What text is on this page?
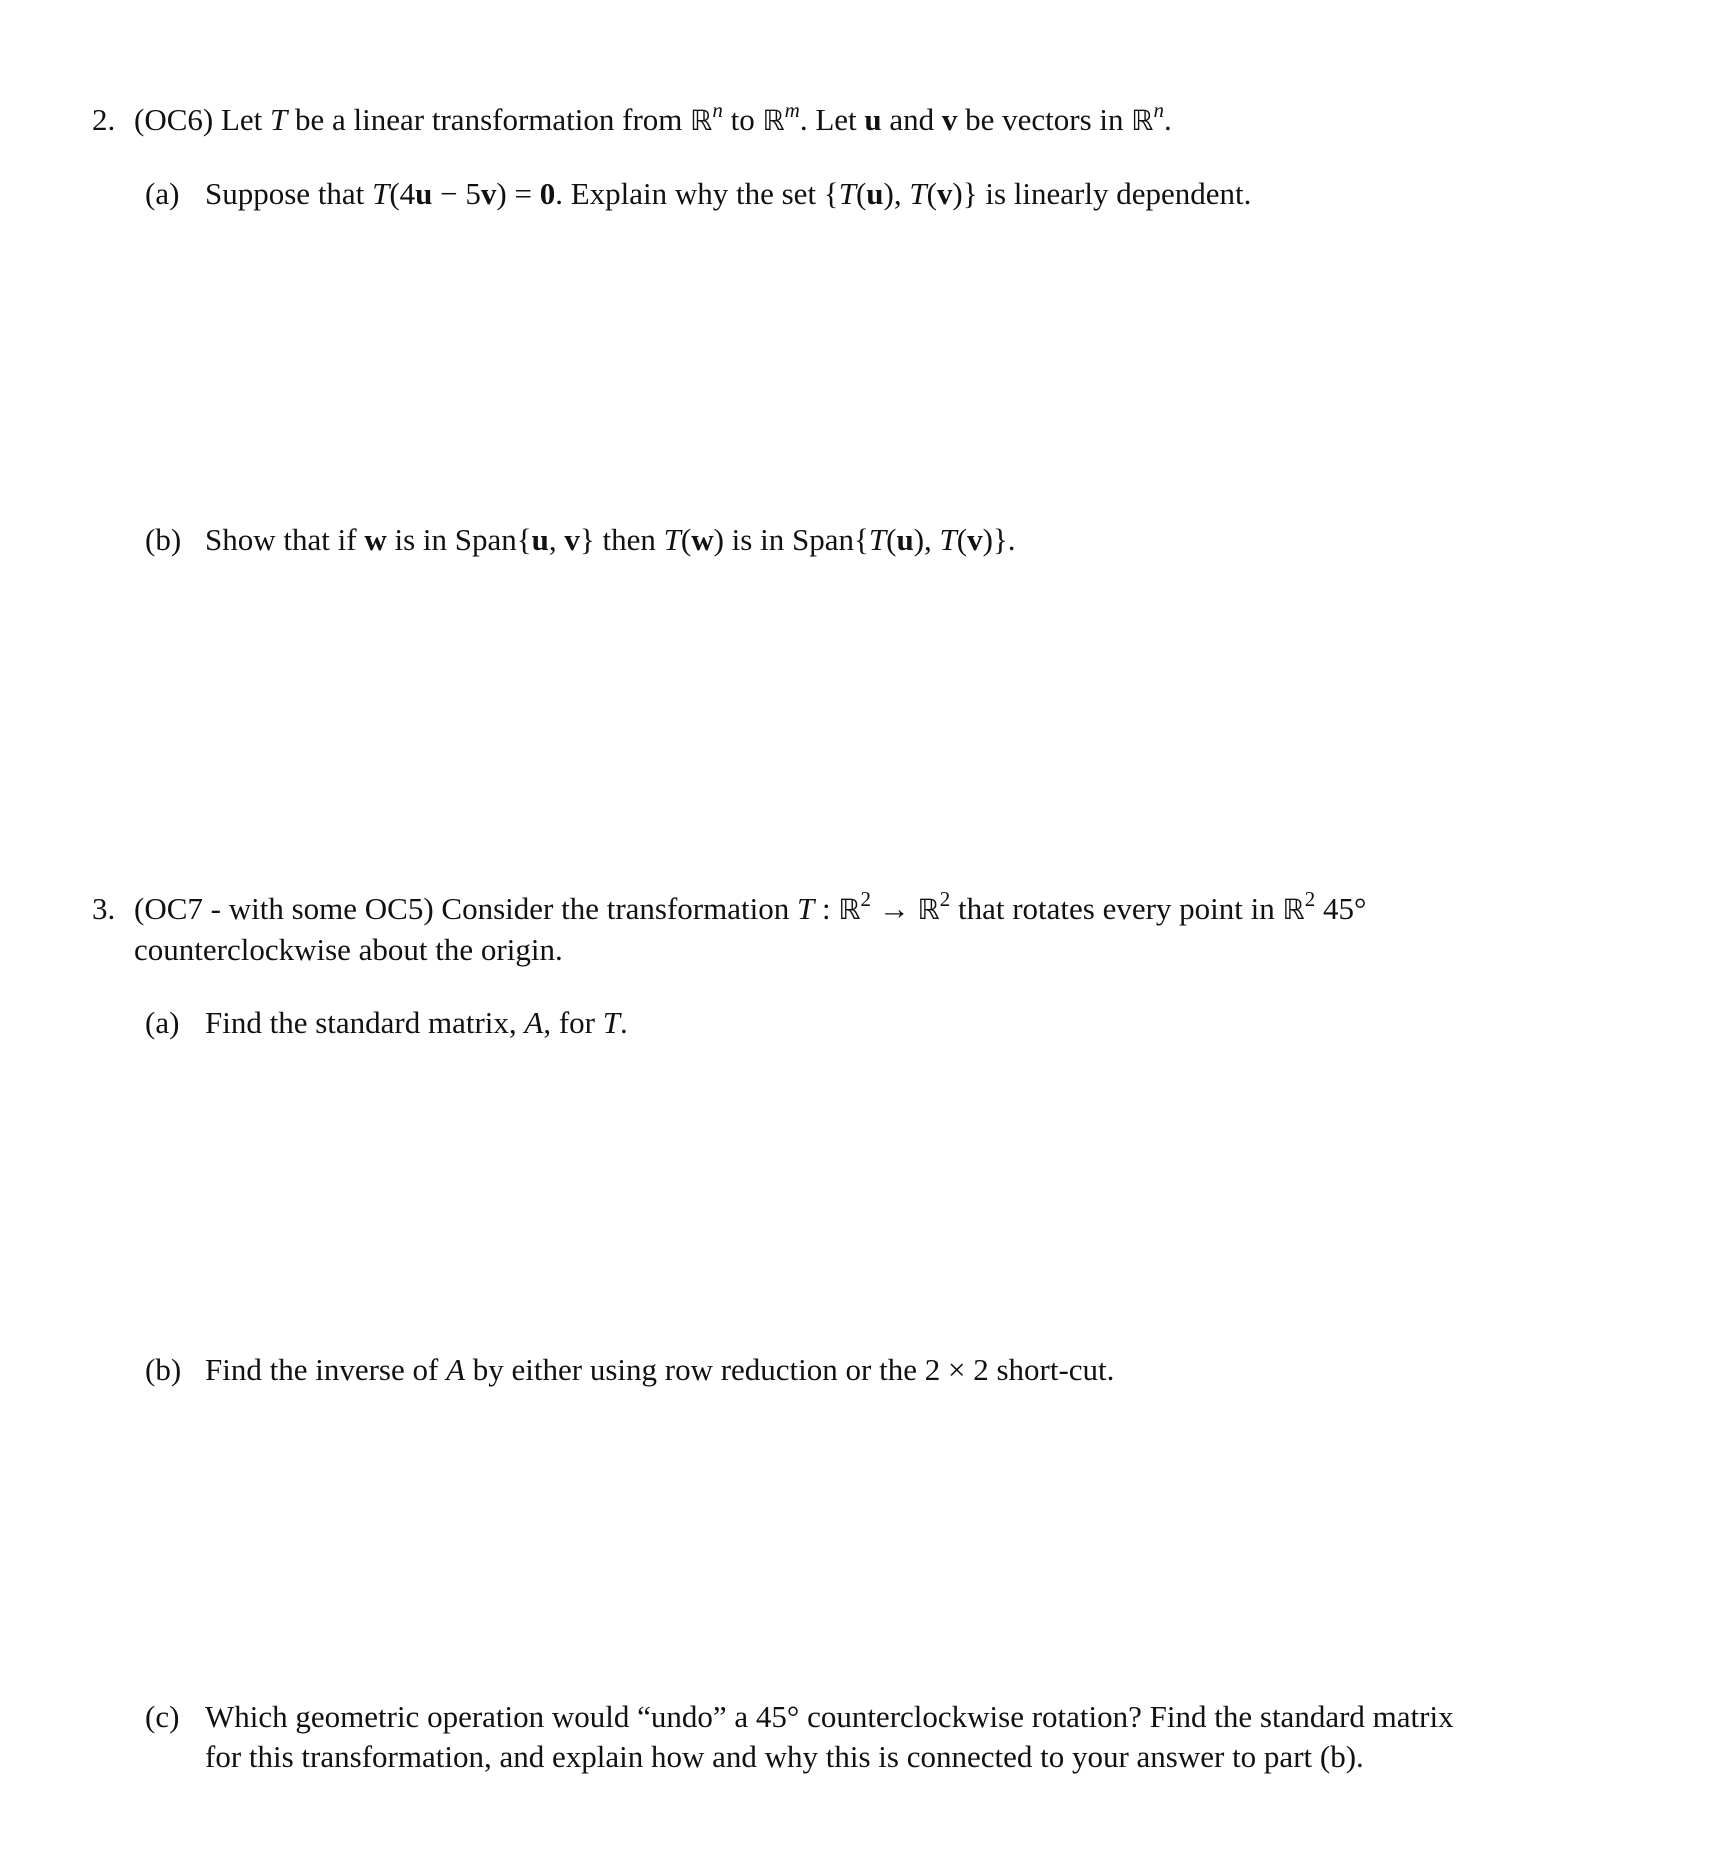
2. (OC6) Let T be a linear transformation from ℝ$^n$ to ℝ$^m$. Let u and v be vectors in ℝ$^n$.
(a) Suppose that T(4u − 5v) = 0. Explain why the set {T(u), T(v)} is linearly dependent.
(b) Show that if w is in Span{u, v} then T(w) is in Span{T(u), T(v)}.
3. (OC7 - with some OC5) Consider the transformation T : ℝ$^2$ → ℝ$^2$ that rotates every point in ℝ$^2$ 45°
counterclockwise about the origin.
(a) Find the standard matrix, A, for T.
(b) Find the inverse of A by either using row reduction or the 2 × 2 short-cut.
(c) Which geometric operation would “undo” a 45° counterclockwise rotation? Find the standard matrix
for this transformation, and explain how and why this is connected to your answer to part (b).
